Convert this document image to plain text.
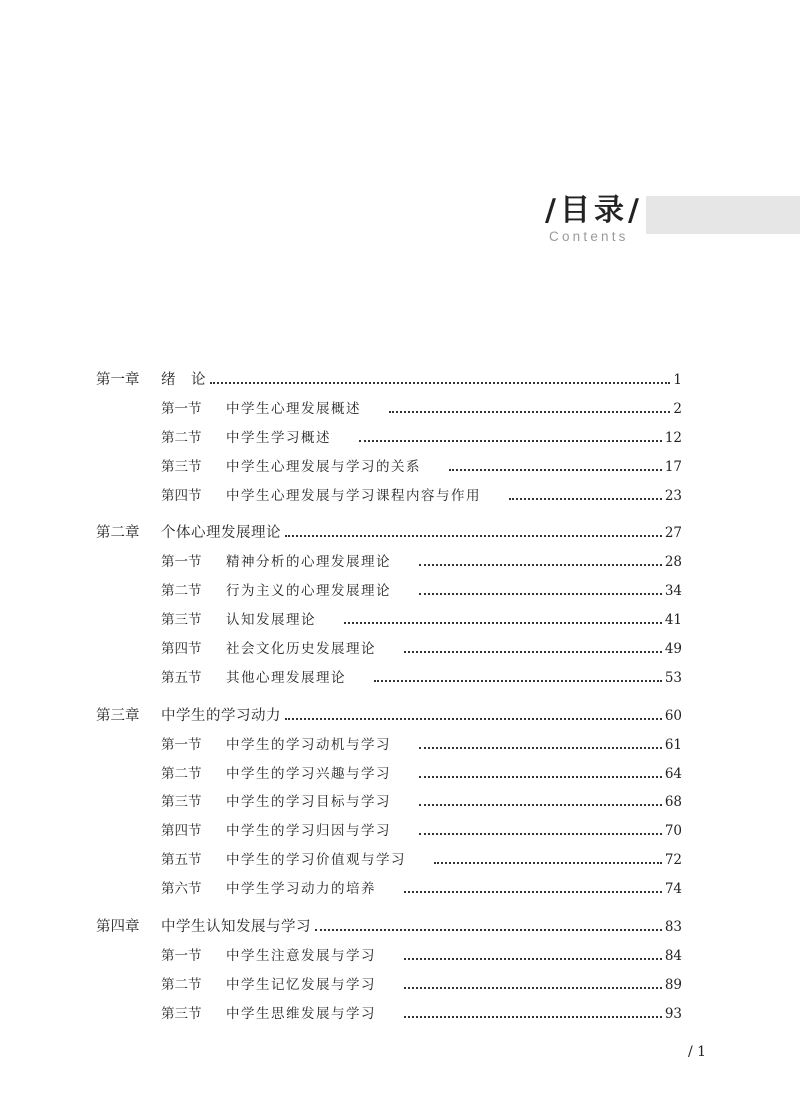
/目录/
Contents
第一章	绪　论	1
第一节	中学生心理发展概述	2
第二节	中学生学习概述	12
第三节	中学生心理发展与学习的关系	17
第四节	中学生心理发展与学习课程内容与作用	23
第二章	个体心理发展理论	27
第一节	精神分析的心理发展理论	28
第二节	行为主义的心理发展理论	34
第三节	认知发展理论	41
第四节	社会文化历史发展理论	49
第五节	其他心理发展理论	53
第三章	中学生的学习动力	60
第一节	中学生的学习动机与学习	61
第二节	中学生的学习兴趣与学习	64
第三节	中学生的学习目标与学习	68
第四节	中学生的学习归因与学习	70
第五节	中学生的学习价值观与学习	72
第六节	中学生学习动力的培养	74
第四章	中学生认知发展与学习	83
第一节	中学生注意发展与学习	84
第二节	中学生记忆发展与学习	89
第三节	中学生思维发展与学习	93
/ 1
